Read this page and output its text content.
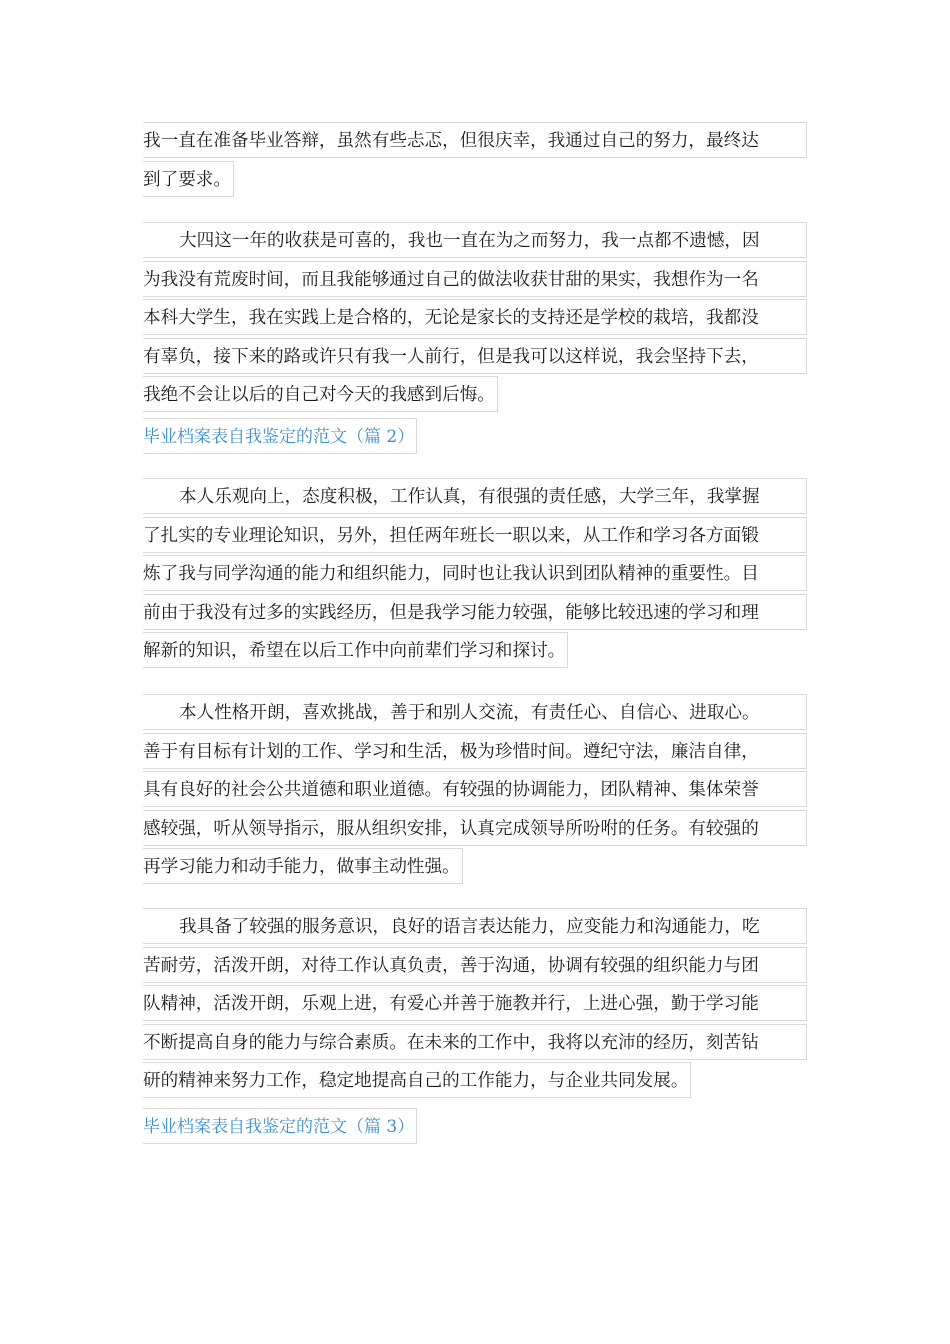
我一直在准备毕业答辩，虽然有些忐忑，但很庆幸，我通过自己的努力，最终达
到了要求。
大四这一年的收获是可喜的，我也一直在为之而努力，我一点都不遗憾，因
为我没有荒废时间，而且我能够通过自己的做法收获甘甜的果实，我想作为一名
本科大学生，我在实践上是合格的，无论是家长的支持还是学校的栽培，我都没
有辜负，接下来的路或许只有我一人前行，但是我可以这样说，我会坚持下去，
我绝不会让以后的自己对今天的我感到后悔。
毕业档案表自我鉴定的范文（篇 2）
本人乐观向上，态度积极，工作认真，有很强的责任感，大学三年，我掌握
了扎实的专业理论知识，另外，担任两年班长一职以来，从工作和学习各方面锻
炼了我与同学沟通的能力和组织能力，同时也让我认识到团队精神的重要性。目
前由于我没有过多的实践经历，但是我学习能力较强，能够比较迅速的学习和理
解新的知识，希望在以后工作中向前辈们学习和探讨。
本人性格开朗，喜欢挑战，善于和别人交流，有责任心、自信心、进取心。
善于有目标有计划的工作、学习和生活，极为珍惜时间。遵纪守法，廉洁自律，
具有良好的社会公共道德和职业道德。有较强的协调能力，团队精神、集体荣誉
感较强，听从领导指示，服从组织安排，认真完成领导所吩咐的任务。有较强的
再学习能力和动手能力，做事主动性强。
我具备了较强的服务意识，良好的语言表达能力，应变能力和沟通能力，吃
苦耐劳，活泼开朗，对待工作认真负责，善于沟通，协调有较强的组织能力与团
队精神，活泼开朗，乐观上进，有爱心并善于施教并行，上进心强，勤于学习能
不断提高自身的能力与综合素质。在未来的工作中，我将以充沛的经历，刻苦钻
研的精神来努力工作，稳定地提高自己的工作能力，与企业共同发展。
毕业档案表自我鉴定的范文（篇 3）
